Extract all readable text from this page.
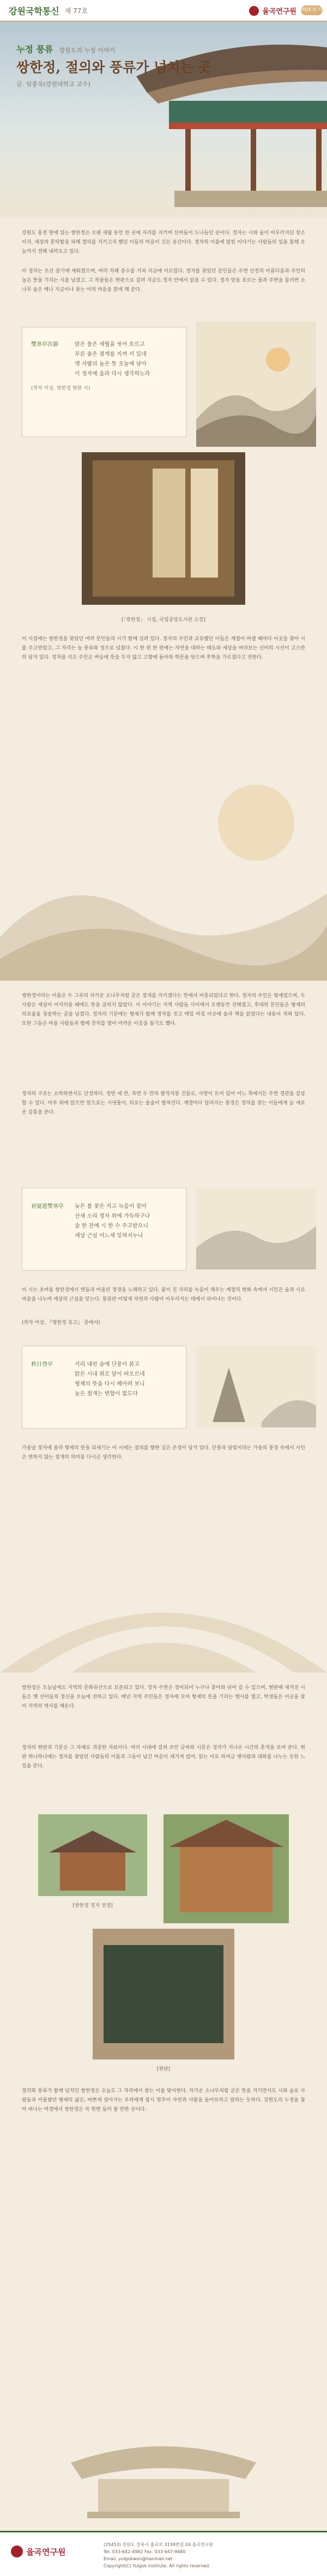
강원국학통신 제 77호	율곡연구원 PDF보기
누정 풍류 강원도의 누정 이야기
쌍한정, 절의와 풍류가 넘치는 곳
글. 임종욱(강원대학교 교수)
강원도 홍천 땅에 있는 쌍한정은 오랜 세월 동안 한 곳에 자리를 지키며 선비들이 드나들던 곳이다. 정자는 시와 술이 어우러지던 장소이자, 세상의 혼탁함을 피해 절의를 지키고자 했던 이들의 마음이 깃든 공간이다. 정자의 이름에 얽힌 이야기는 사람들의 입을 통해 오늘까지 전해 내려오고 있다.
이 정자는 조선 중기에 세워졌으며, 여러 차례 중수를 거쳐 지금에 이르렀다. 정자를 찾았던 문인들은 주변 산천의 아름다움과 주인의 높은 뜻을 기리는 시를 남겼고, 그 작품들은 현판으로 걸려 지금도 정자 안에서 읽을 수 있다. 정자 앞을 흐르는 물과 주변을 둘러싼 소나무 숲은 예나 지금이나 찾는 이의 마음을 맑게 해 준다.
雙寒亭次韻	맑은 물은 세월을 씻어 흐르고
푸른 솔은 절개를 지켜 서 있네
옛 사람의 높은 뜻 오늘에 남아
이 정자에 올라 다시 생각하노라
(작자 미상, 쌍한정 현판 시)
[「쌍한정」 시집, 국립중앙도서관 소장]
이 시집에는 쌍한정을 찾았던 여러 문인들의 시가 함께 실려 있다. 정자의 주인과 교유했던 이들은 계절이 바뀔 때마다 이곳을 찾아 시를 주고받았고, 그 자리는 늘 풍류와 정으로 넘쳤다. 시 한 편 한 편에는 자연을 대하는 태도와 세상을 바라보는 선비의 시선이 고스란히 담겨 있다. 정자를 지은 주인은 벼슬에 뜻을 두지 않고 고향에 돌아와 학문을 닦으며 후학을 가르쳤다고 전한다.
쌍한정이라는 이름은 두 그루의 차가운 소나무처럼 굳은 절개를 지키겠다는 뜻에서 비롯되었다고 한다. 정자의 주인은 형제였으며, 두 사람은 세상이 어지러울 때에도 뜻을 굽히지 않았다. 이 이야기는 지역 사람들 사이에서 오랫동안 전해졌고, 후대의 문인들은 형제의 의로움을 칭송하는 글을 남겼다. 정자의 기문에는 형제가 함께 정자를 짓고 매일 아침 이곳에 올라 책을 읽었다는 내용이 적혀 있다. 또한 그들은 마을 사람들과 함께 잔치를 열어 어려운 이웃을 돕기도 했다.
정자의 구조는 소박하면서도 단정하다. 정면 세 칸, 측면 두 칸의 팔작지붕 건물로, 사방이 트여 있어 어느 쪽에서든 주변 경관을 감상할 수 있다. 마루 위에 앉으면 앞으로는 시냇물이, 뒤로는 솔숲이 펼쳐진다. 계절마다 달라지는 풍경은 정자를 찾는 이들에게 늘 새로운 감흥을 준다.
初夏遊雙寒亭	늦은 봄 꽃은 지고 녹음이 짙어
산새 소리 정자 위에 가득하구나
술 한 잔에 시 한 수 주고받으니
세상 근심 어느새 잊혀지누나
이 시는 초여름 쌍한정에서 벗들과 어울린 정경을 노래하고 있다. 꽃이 진 자리를 녹음이 채우는 계절의 변화 속에서 시인은 술과 시로 마음을 나누며 세상의 근심을 잊는다. 풍류란 이렇게 자연과 사람이 어우러지는 데에서 피어나는 것이다.
(작자 미상, 『쌍한정 유고』 중에서)
秋日登亭	서리 내린 숲에 단풍이 붉고
맑은 시내 위로 달이 떠오르네
형제의 뜻을 다시 헤아려 보니
높은 절개는 변함이 없도다
가을날 정자에 올라 형제의 뜻을 되새기는 이 시에는 절의를 향한 깊은 존경이 담겨 있다. 단풍과 달빛이라는 가을의 풍경 속에서 시인은 변하지 않는 절개의 의미를 다시금 생각한다.
쌍한정은 오늘날에도 지역의 문화유산으로 보존되고 있다. 정자 주변은 정비되어 누구나 찾아와 쉬어 갈 수 있으며, 현판에 새겨진 시들은 옛 선비들의 정신을 오늘에 전하고 있다. 매년 지역 주민들은 정자에 모여 형제의 뜻을 기리는 행사를 열고, 학생들은 이곳을 찾아 지역의 역사를 배운다.
정자의 현판과 기문은 그 자체로 귀중한 자료이다. 여러 시대에 걸쳐 쓰인 글씨와 시문은 정자가 지나온 시간의 흔적을 보여 준다. 현판 하나하나에는 정자를 찾았던 사람들의 이름과 그들이 남긴 마음이 새겨져 있어, 읽는 이로 하여금 옛사람과 대화를 나누는 듯한 느낌을 준다.
[쌍한정 정자 전경]
[현판]
절의와 풍류가 함께 넘치던 쌍한정은 오늘도 그 자리에서 찾는 이를 맞이한다. 차가운 소나무처럼 굳은 뜻을 지키면서도 시와 술로 사람들과 어울렸던 형제의 삶은, 바쁘게 살아가는 우리에게 잠시 멈추어 자연과 사람을 돌아보라고 말하는 듯하다. 강원도의 누정을 찾아 떠나는 여정에서 쌍한정은 꼭 한번 들러 볼 만한 곳이다.
율곡연구원
(25453) 강원도 강릉시 율곡로 3139번길 24 율곡연구원
Tel. 033-642-4982 Fax. 033-647-9480
Email. yulgokwon@hanmail.net
Copyright(C) Yulgok Institute. All rights reserved.
